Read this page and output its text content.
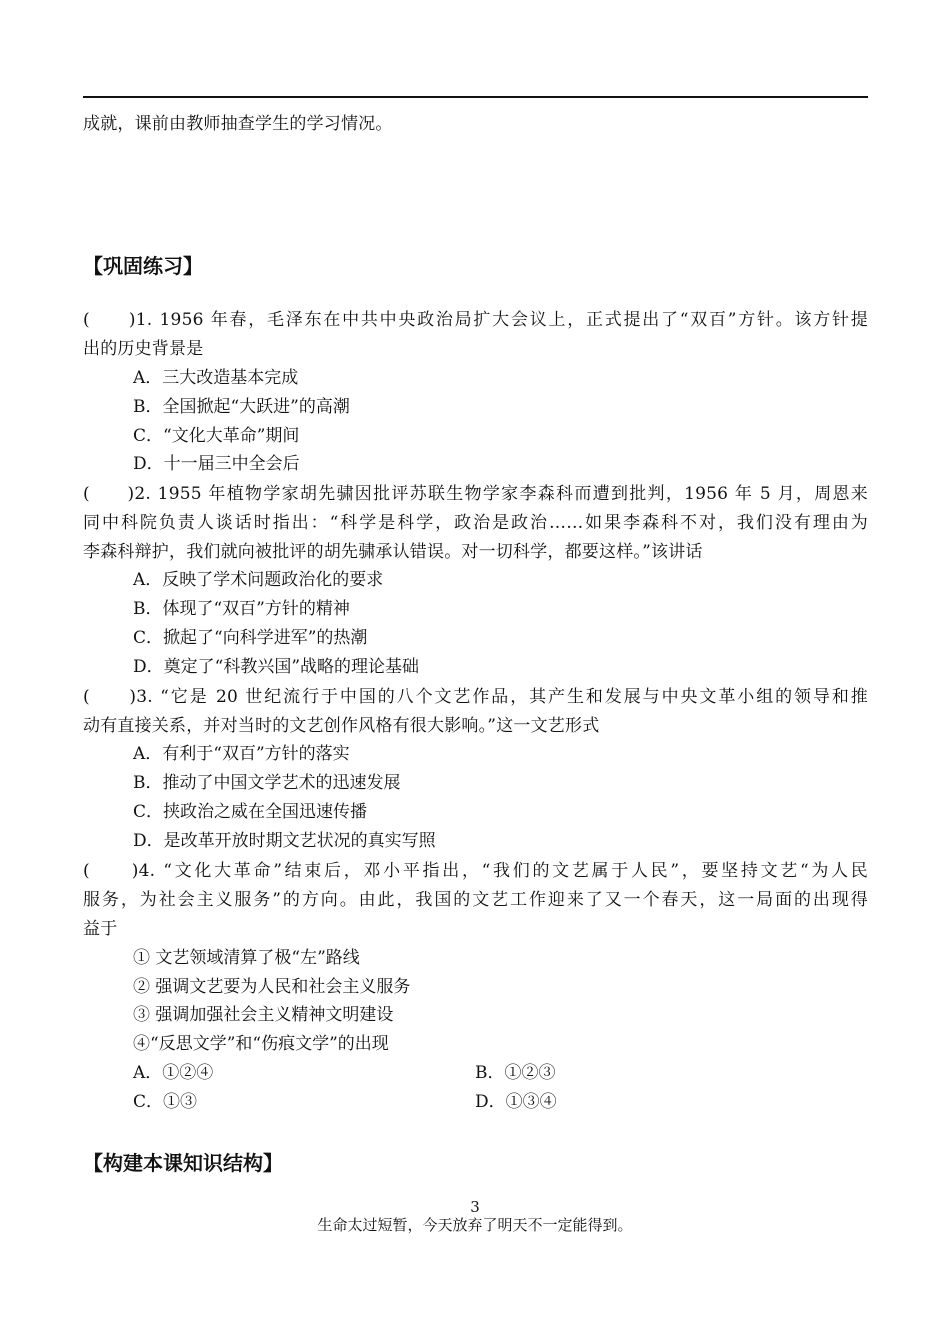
成就，课前由教师抽查学生的学习情况。
【巩固练习】
(　　)1. 1956 年春，毛泽东在中共中央政治局扩大会议上，正式提出了“双百”方针。该方针提
出的历史背景是
A．三大改造基本完成
B．全国掀起“大跃进”的高潮
C．“文化大革命”期间
D．十一届三中全会后
(　　)2. 1955 年植物学家胡先骕因批评苏联生物学家李森科而遭到批判，1956 年 5 月，周恩来
同中科院负责人谈话时指出：“科学是科学，政治是政治……如果李森科不对，我们没有理由为
李森科辩护，我们就向被批评的胡先骕承认错误。对一切科学，都要这样。”该讲话
A．反映了学术问题政治化的要求
B．体现了“双百”方针的精神
C．掀起了“向科学进军”的热潮
D．奠定了“科教兴国”战略的理论基础
(　　)3. “它是 20 世纪流行于中国的八个文艺作品，其产生和发展与中央文革小组的领导和推
动有直接关系，并对当时的文艺创作风格有很大影响。”这一文艺形式
A．有利于“双百”方针的落实
B．推动了中国文学艺术的迅速发展
C．挟政治之威在全国迅速传播
D．是改革开放时期文艺状况的真实写照
(　　)4. “文化大革命”结束后，邓小平指出，“我们的文艺属于人民”，要坚持文艺“为人民
服务，为社会主义服务”的方向。由此，我国的文艺工作迎来了又一个春天，这一局面的出现得
益于
① 文艺领域清算了极“左”路线
② 强调文艺要为人民和社会主义服务
③ 强调加强社会主义精神文明建设
④“反思文学”和“伤痕文学”的出现
A．①②④	B．①②③
C．①③	D．①③④
【构建本课知识结构】
3
生命太过短暂，今天放弃了明天不一定能得到。
